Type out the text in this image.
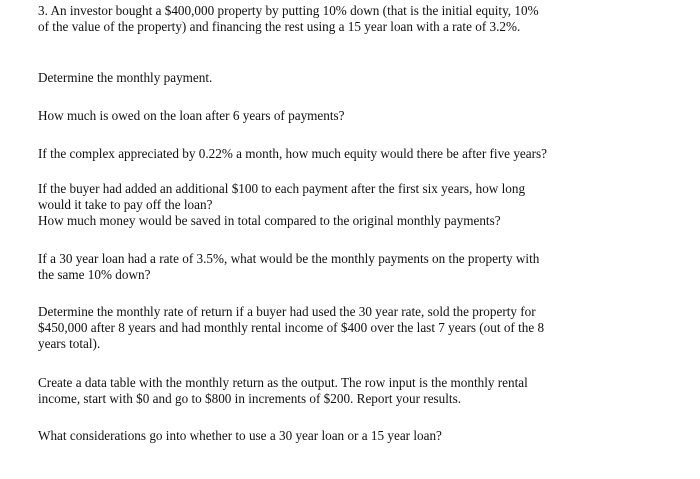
3. An investor bought a $400,000 property by putting 10% down (that is the initial equity, 10%
of the value of the property) and financing the rest using a 15 year loan with a rate of 3.2%.

Determine the monthly payment.

How much is owed on the loan after 6 years of payments?

If the complex appreciated by 0.22% a month, how much equity would there be after five years?

If the buyer had added an additional $100 to each payment after the first six years, how long
would it take to pay off the loan?
How much money would be saved in total compared to the original monthly payments?

If a 30 year loan had a rate of 3.5%, what would be the monthly payments on the property with
the same 10% down?

Determine the monthly rate of return if a buyer had used the 30 year rate, sold the property for
$450,000 after 8 years and had monthly rental income of $400 over the last 7 years (out of the 8
years total).

Create a data table with the monthly return as the output. The row input is the monthly rental
income, start with $0 and go to $800 in increments of $200. Report your results.

What considerations go into whether to use a 30 year loan or a 15 year loan?
